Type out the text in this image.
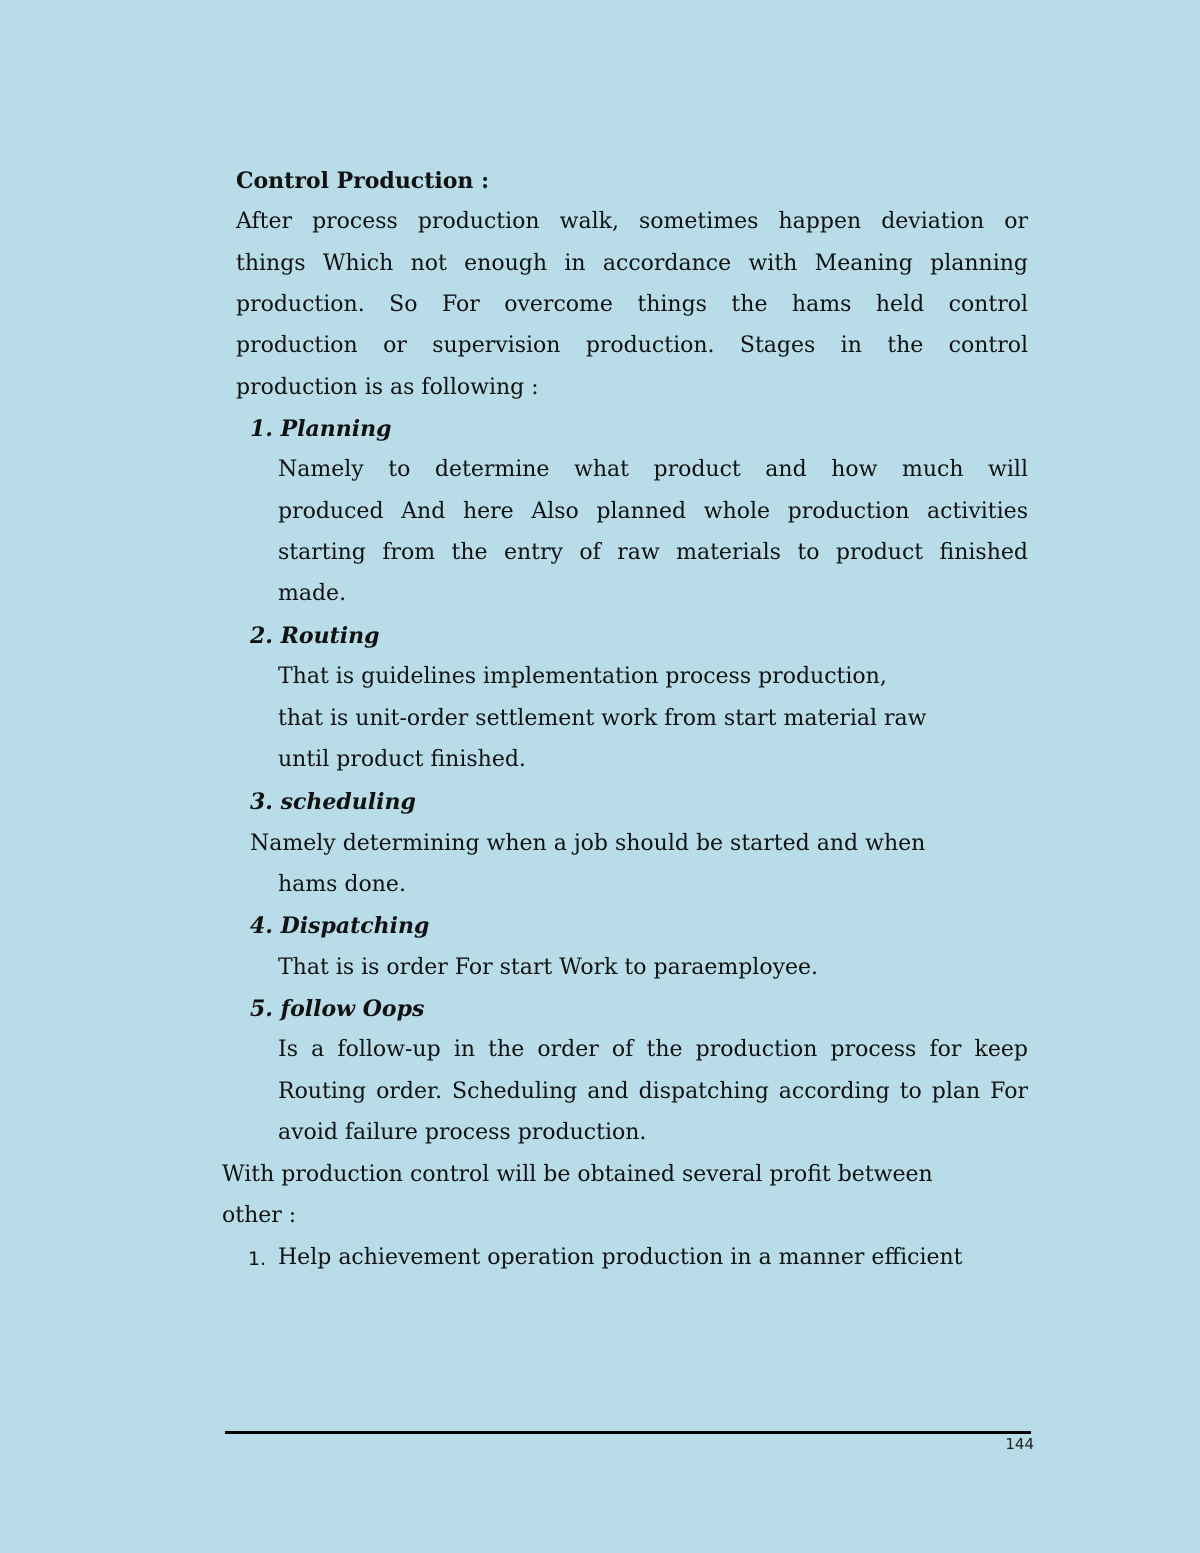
Control Production :
After process production walk, sometimes happen deviation or
things Which not enough in accordance with Meaning planning
production. So For overcome things the hams held control
production or supervision production. Stages in the control
production is as following :
1. Planning
Namely to determine what product and how much will
produced And here Also planned whole production activities
starting from the entry of raw materials to product finished
made.
2. Routing
That is guidelines implementation process production,
that is unit-order settlement work from start material raw
until product finished.
3. scheduling
Namely determining when a job should be started and when
hams done.
4. Dispatching
That is is order For start Work to paraemployee.
5. follow Oops
Is a follow-up in the order of the production process for keep
Routing order. Scheduling and dispatching according to plan For
avoid failure process production.
With production control will be obtained several profit between
other :
1. Help achievement operation production in a manner efficient
144
